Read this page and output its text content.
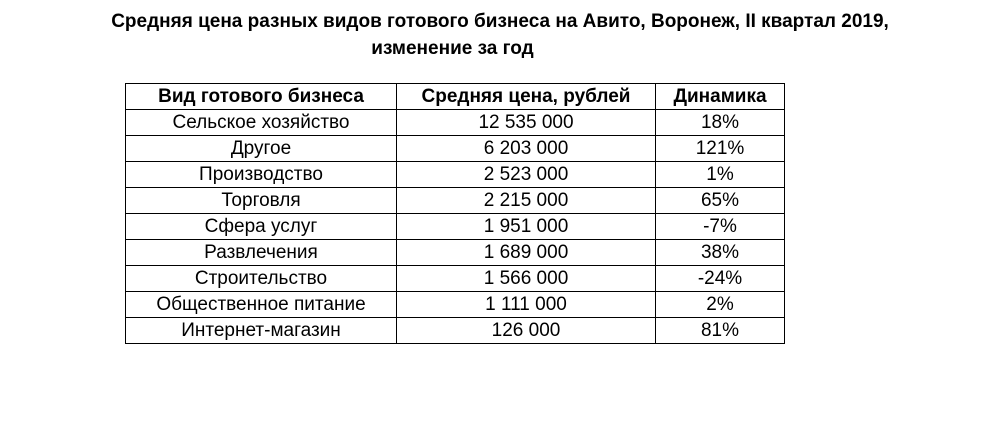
Средняя цена разных видов готового бизнеса на Авито, Воронеж, II квартал 2019,
изменение за год
Вид готового бизнеса	Средняя цена, рублей	Динамика
Сельское хозяйство	12 535 000	18%
Другое	6 203 000	121%
Производство	2 523 000	1%
Торговля	2 215 000	65%
Сфера услуг	1 951 000	-7%
Развлечения	1 689 000	38%
Строительство	1 566 000	-24%
Общественное питание	1 111 000	2%
Интернет-магазин	126 000	81%
